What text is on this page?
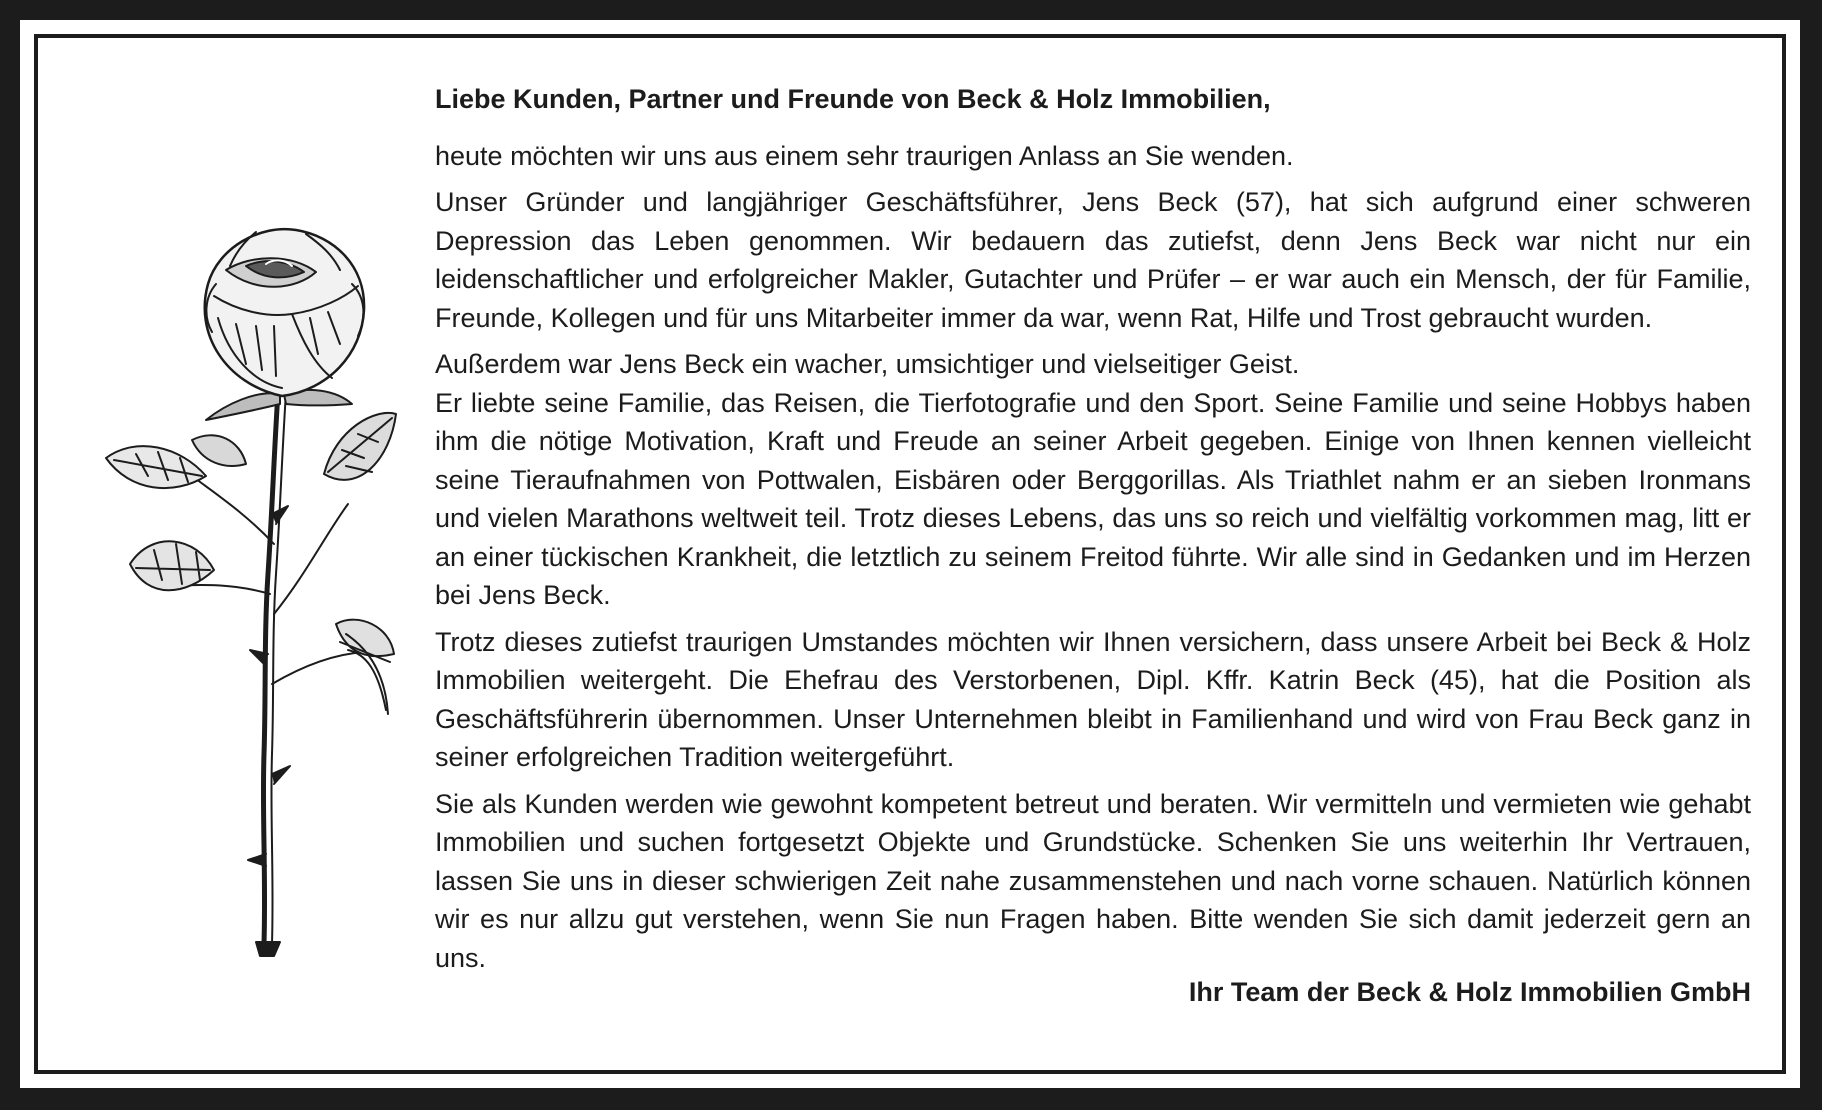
Liebe Kunden, Partner und Freunde von Beck & Holz Immobilien,

heute möchten wir uns aus einem sehr traurigen Anlass an Sie wenden.

Unser Gründer und langjähriger Geschäftsführer, Jens Beck (57), hat sich aufgrund einer schweren Depression das Leben genommen. Wir bedauern das zutiefst, denn Jens Beck war nicht nur ein leidenschaftlicher und erfolgreicher Makler, Gutachter und Prüfer – er war auch ein Mensch, der für Familie, Freunde, Kollegen und für uns Mitarbeiter immer da war, wenn Rat, Hilfe und Trost gebraucht wurden.

Außerdem war Jens Beck ein wacher, umsichtiger und vielseitiger Geist.

Er liebte seine Familie, das Reisen, die Tierfotografie und den Sport. Seine Familie und seine Hobbys haben ihm die nötige Motivation, Kraft und Freude an seiner Arbeit gegeben. Einige von Ihnen kennen vielleicht seine Tieraufnahmen von Pottwalen, Eisbären oder Berggorillas. Als Triathlet nahm er an sieben Ironmans und vielen Marathons weltweit teil. Trotz dieses Lebens, das uns so reich und vielfältig vorkommen mag, litt er an einer tückischen Krankheit, die letztlich zu seinem Freitod führte. Wir alle sind in Gedanken und im Herzen bei Jens Beck.

Trotz dieses zutiefst traurigen Umstandes möchten wir Ihnen versichern, dass unsere Arbeit bei Beck & Holz Immobilien weitergeht. Die Ehefrau des Verstorbenen, Dipl. Kffr. Katrin Beck (45), hat die Position als Geschäftsführerin übernommen. Unser Unternehmen bleibt in Familienhand und wird von Frau Beck ganz in seiner erfolgreichen Tradition weitergeführt.

Sie als Kunden werden wie gewohnt kompetent betreut und beraten. Wir vermitteln und vermieten wie gehabt Immobilien und suchen fortgesetzt Objekte und Grundstücke. Schenken Sie uns weiterhin Ihr Vertrauen, lassen Sie uns in dieser schwierigen Zeit nahe zusammenstehen und nach vorne schauen. Natürlich können wir es nur allzu gut verstehen, wenn Sie nun Fragen haben. Bitte wenden Sie sich damit jederzeit gern an uns.

Ihr Team der Beck & Holz Immobilien GmbH
